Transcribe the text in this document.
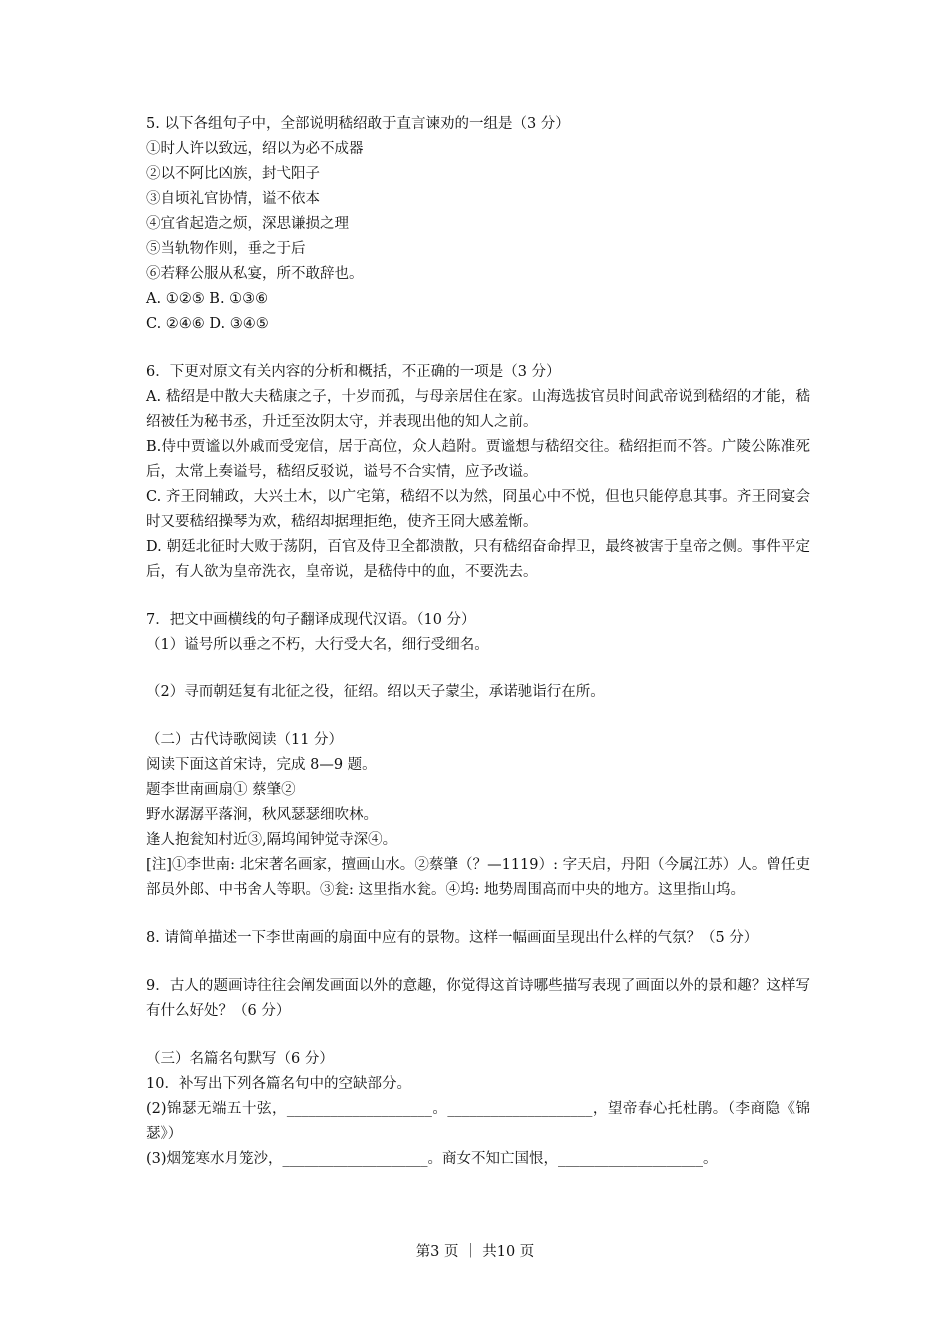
5. 以下各组句子中，全部说明嵇绍敢于直言谏劝的一组是（3 分）
①时人许以致远，绍以为必不成器
②以不阿比凶族，封弋阳子
③自顷礼官协情，谥不依本
④宜省起造之烦，深思谦损之理
⑤当轨物作则，垂之于后
⑥若释公服从私宴，所不敢辞也。
A. ①②⑤ B. ①③⑥
C. ②④⑥ D. ③④⑤
6．下更对原文有关内容的分析和概括，不正确的一项是（3 分）
A. 嵇绍是中散大夫嵇康之子，十岁而孤，与母亲居住在家。山海选拔官员时间武帝说到嵇绍的才能，嵇绍被任为秘书丞，升迁至汝阴太守，并表现出他的知人之前。
B.侍中贾谧以外戚而受宠信，居于高位，众人趋附。贾谧想与嵇绍交往。嵇绍拒而不答。广陵公陈准死后，太常上奏谥号，嵇绍反驳说，谥号不合实情，应予改谥。
C. 齐王冏辅政，大兴土木，以广宅第，嵇绍不以为然，冏虽心中不悦，但也只能停息其事。齐王冏宴会时又要嵇绍操琴为欢，嵇绍却据理拒绝，使齐王冏大感羞惭。
D. 朝廷北征时大败于荡阴，百官及侍卫全都溃散，只有嵇绍奋命捍卫，最终被害于皇帝之侧。事件平定后，有人欲为皇帝洗衣，皇帝说，是嵇侍中的血，不要洗去。
7．把文中画横线的句子翻译成现代汉语。（10 分）
（1）谥号所以垂之不朽，大行受大名，细行受细名。
（2）寻而朝廷复有北征之役，征绍。绍以天子蒙尘，承诺驰诣行在所。
（二）古代诗歌阅读（11 分）
阅读下面这首宋诗，完成 8—9 题。
题李世南画扇① 蔡肇②
野水潺潺平落涧，秋风瑟瑟细吹林。
逢人抱瓮知村近③,隔坞闻钟觉寺深④。
[注]①李世南: 北宋著名画家，擅画山水。②蔡肇（？—1119）: 字天启，丹阳（今属江苏）人。曾任吏部员外郎、中书舍人等职。③瓮: 这里指水瓮。④坞: 地势周围高而中央的地方。这里指山坞。
8. 请简单描述一下李世南画的扇面中应有的景物。这样一幅画面呈现出什么样的气氛？（5 分）
9．古人的题画诗往往会阐发画面以外的意趣，你觉得这首诗哪些描写表现了画面以外的景和趣？这样写有什么好处？（6 分）
（三）名篇名句默写（6 分）
10．补写出下列各篇名句中的空缺部分。
(2)锦瑟无端五十弦，____________________。____________________，望帝春心托杜鹃。（李商隐《锦瑟》）
(3)烟笼寒水月笼沙，____________________。商女不知亡国恨，____________________。
第3 页 ｜ 共10 页
